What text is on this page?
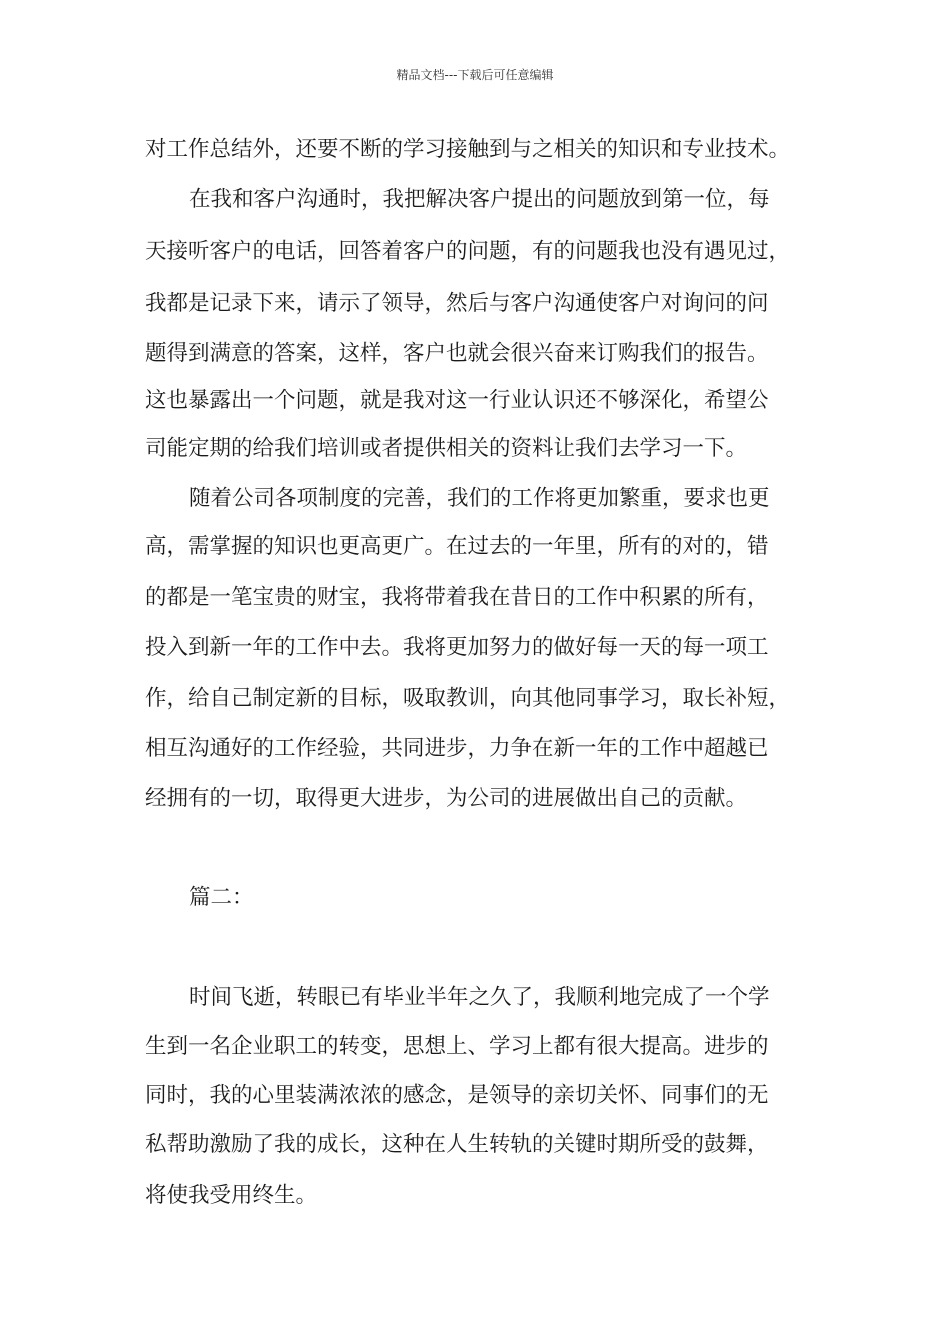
精品文档---下载后可任意编辑
对工作总结外，还要不断的学习接触到与之相关的知识和专业技术。
在我和客户沟通时，我把解决客户提出的问题放到第一位，每
天接听客户的电话，回答着客户的问题，有的问题我也没有遇见过，
我都是记录下来，请示了领导，然后与客户沟通使客户对询问的问
题得到满意的答案，这样，客户也就会很兴奋来订购我们的报告。
这也暴露出一个问题，就是我对这一行业认识还不够深化，希望公
司能定期的给我们培训或者提供相关的资料让我们去学习一下。
随着公司各项制度的完善，我们的工作将更加繁重，要求也更
高，需掌握的知识也更高更广。在过去的一年里，所有的对的，错
的都是一笔宝贵的财宝，我将带着我在昔日的工作中积累的所有，
投入到新一年的工作中去。我将更加努力的做好每一天的每一项工
作，给自己制定新的目标，吸取教训，向其他同事学习，取长补短，
相互沟通好的工作经验，共同进步，力争在新一年的工作中超越已
经拥有的一切，取得更大进步，为公司的进展做出自己的贡献。
篇二：
时间飞逝，转眼已有毕业半年之久了，我顺利地完成了一个学
生到一名企业职工的转变，思想上、学习上都有很大提高。进步的
同时，我的心里装满浓浓的感念，是领导的亲切关怀、同事们的无
私帮助激励了我的成长，这种在人生转轨的关键时期所受的鼓舞，
将使我受用终生。
